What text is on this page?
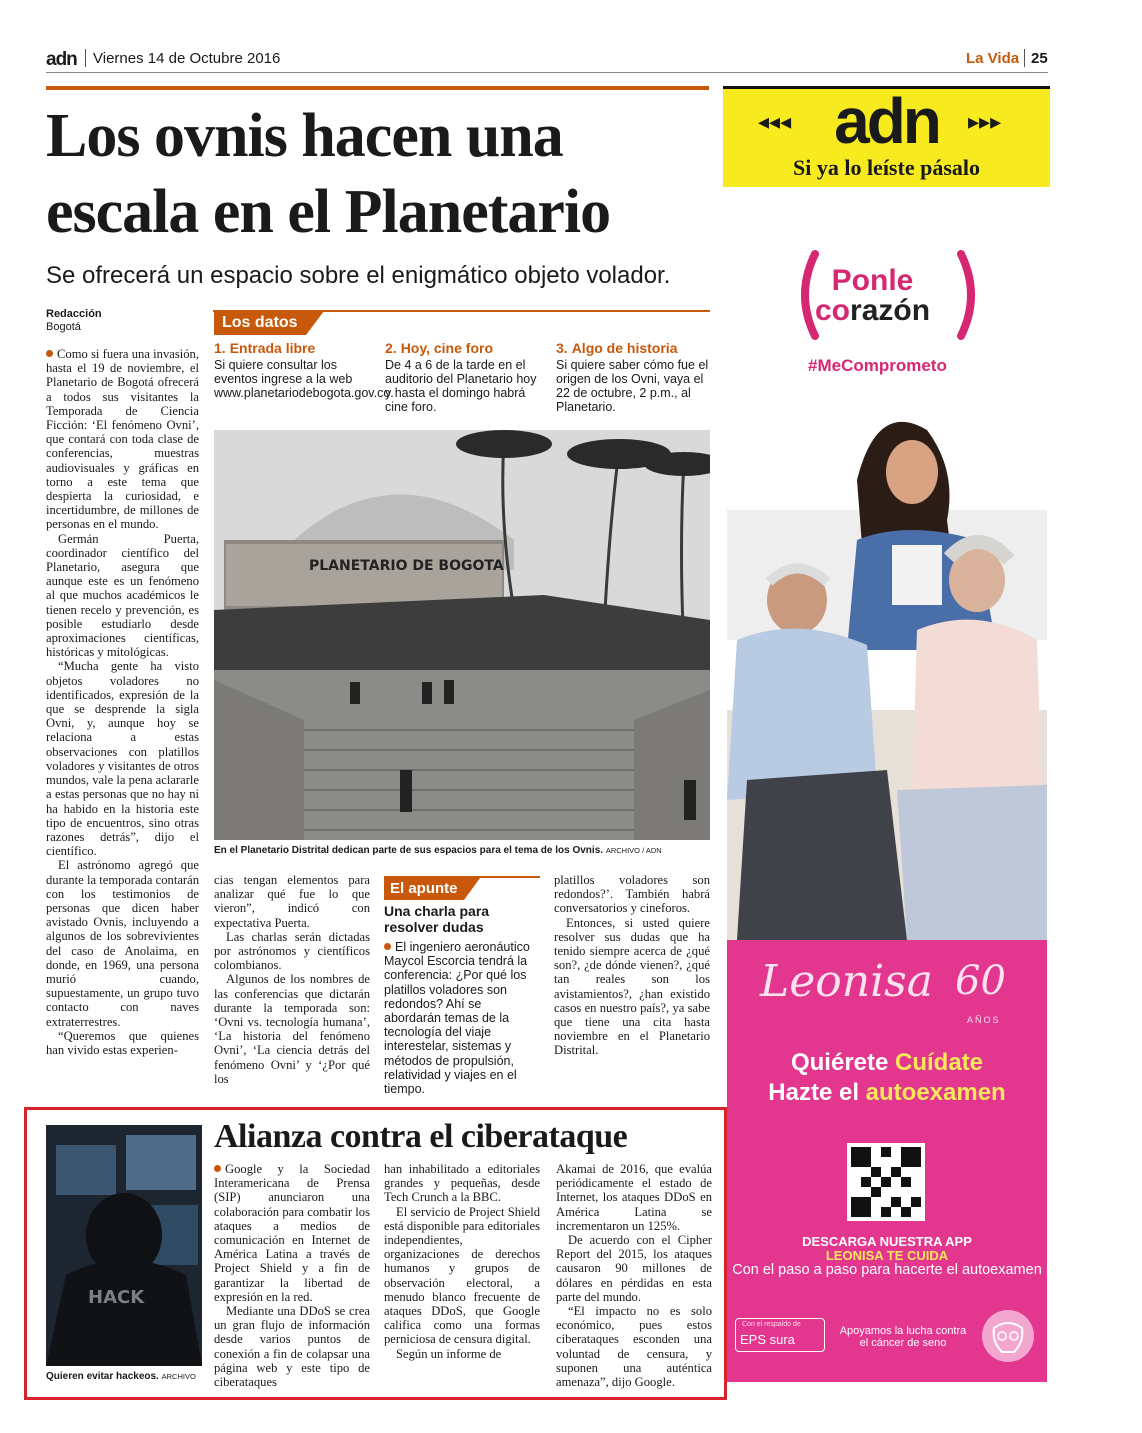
adn Viernes 14 de Octubre 2016	La Vida 25
Los ovnis hacen una escala en el Planetario
Se ofrecerá un espacio sobre el enigmático objeto volador.
Redacción
Bogotá

Como si fuera una invasión, hasta el 19 de noviembre, el Planetario de Bogotá ofrecerá a todos sus visitantes la Temporada de Ciencia Ficción: ‘El fenómeno Ovni’, que contará con toda clase de conferencias, muestras audiovisuales y gráficas en torno a este tema que despierta la curiosidad, e incertidumbre, de millones de personas en el mundo.

Germán Puerta, coordinador científico del Planetario, asegura que aunque este es un fenómeno al que muchos académicos le tienen recelo y prevención, es posible estudiarlo desde aproximaciones científicas, históricas y mitológicas.

“Mucha gente ha visto objetos voladores no identificados, expresión de la que se desprende la sigla Ovni, y, aunque hoy se relaciona a estas observaciones con platillos voladores y visitantes de otros mundos, vale la pena aclararle a estas personas que no hay ni ha habido en la historia este tipo de encuentros, sino otras razones detrás”, dijo el científico.

El astrónomo agregó que durante la temporada contarán con los testimonios de personas que dicen haber avistado Ovnis, incluyendo a algunos de los sobrevivientes del caso de Anolaima, en donde, en 1969, una persona murió cuando, supuestamente, un grupo tuvo contacto con naves extraterrestres.

“Queremos que quienes han vivido estas experien-

Los datos
1. Entrada libre
Si quiere consultar los eventos ingrese a la web www.planetariodebogota.gov.co.
2. Hoy, cine foro
De 4 a 6 de la tarde en el auditorio del Planetario hoy y hasta el domingo habrá cine foro.
3. Algo de historia
Si quiere saber cómo fue el origen de los Ovni, vaya el 22 de octubre, 2 p.m., al Planetario.
PLANETARIO DE BOGOTA
En el Planetario Distrital dedican parte de sus espacios para el tema de los Ovnis. ARCHIVO / ADN

cias tengan elementos para analizar qué fue lo que vieron”, indicó con expectativa Puerta.

Las charlas serán dictadas por astrónomos y científicos colombianos.

Algunos de los nombres de las conferencias que dictarán durante la temporada son: ‘Ovni vs. tecnología humana’, ‘La historia del fenómeno Ovni’, ‘La ciencia detrás del fenómeno Ovni’ y ‘¿Por qué los

El apunte
Una charla para resolver dudas
El ingeniero aeronáutico Maycol Escorcia tendrá la conferencia: ¿Por qué los platillos voladores son redondos? Ahí se abordarán temas de la tecnología del viaje interestelar, sistemas y métodos de propulsión, relatividad y viajes en el tiempo.

platillos voladores son redondos?’. También habrá conversatorios y cineforos.

Entonces, si usted quiere resolver sus dudas que ha tenido siempre acerca de ¿qué son?, ¿de dónde vienen?, ¿qué tan reales son los avistamientos?, ¿han existido casos en nuestro país?, ya sabe que tiene una cita hasta noviembre en el Planetario Distrital.

adn
◂◂◂	▸▸▸
Si ya lo leíste pásalo
Ponle
corazón
#MeComprometo
Leonisa 60
AÑOS
Quiérete Cuídate
Hazte el autoexamen
DESCARGA NUESTRA APP
LEONISA TE CUIDA
Con el paso a paso para hacerte el autoexamen
Con el respaldo de
EPS sura
Apoyamos la lucha contra el cáncer de seno
HACK
Quieren evitar hackeos. ARCHIVO
Alianza contra el ciberataque

Google y la Sociedad Interamericana de Prensa (SIP) anunciaron una colaboración para combatir los ataques a medios de comunicación en Internet de América Latina a través de Project Shield y a fin de garantizar la libertad de expresión en la red.

Mediante una DDoS se crea un gran flujo de información desde varios puntos de conexión a fin de colapsar una página web y este tipo de ciberataques

han inhabilitado a editoriales grandes y pequeñas, desde Tech Crunch a la BBC.

El servicio de Project Shield está disponible para editoriales independientes, organizaciones de derechos humanos y grupos de observación electoral, a menudo blanco frecuente de ataques DDoS, que Google califica como una formas perniciosa de censura digital.

Según un informe de

Akamai de 2016, que evalúa periódicamente el estado de Internet, los ataques DDoS en América Latina se incrementaron un 125%.

De acuerdo con el Cipher Report del 2015, los ataques causaron 90 millones de dólares en pérdidas en esta parte del mundo.

“El impacto no es solo económico, pues estos ciberataques esconden una voluntad de censura, y suponen una auténtica amenaza”, dijo Google.
